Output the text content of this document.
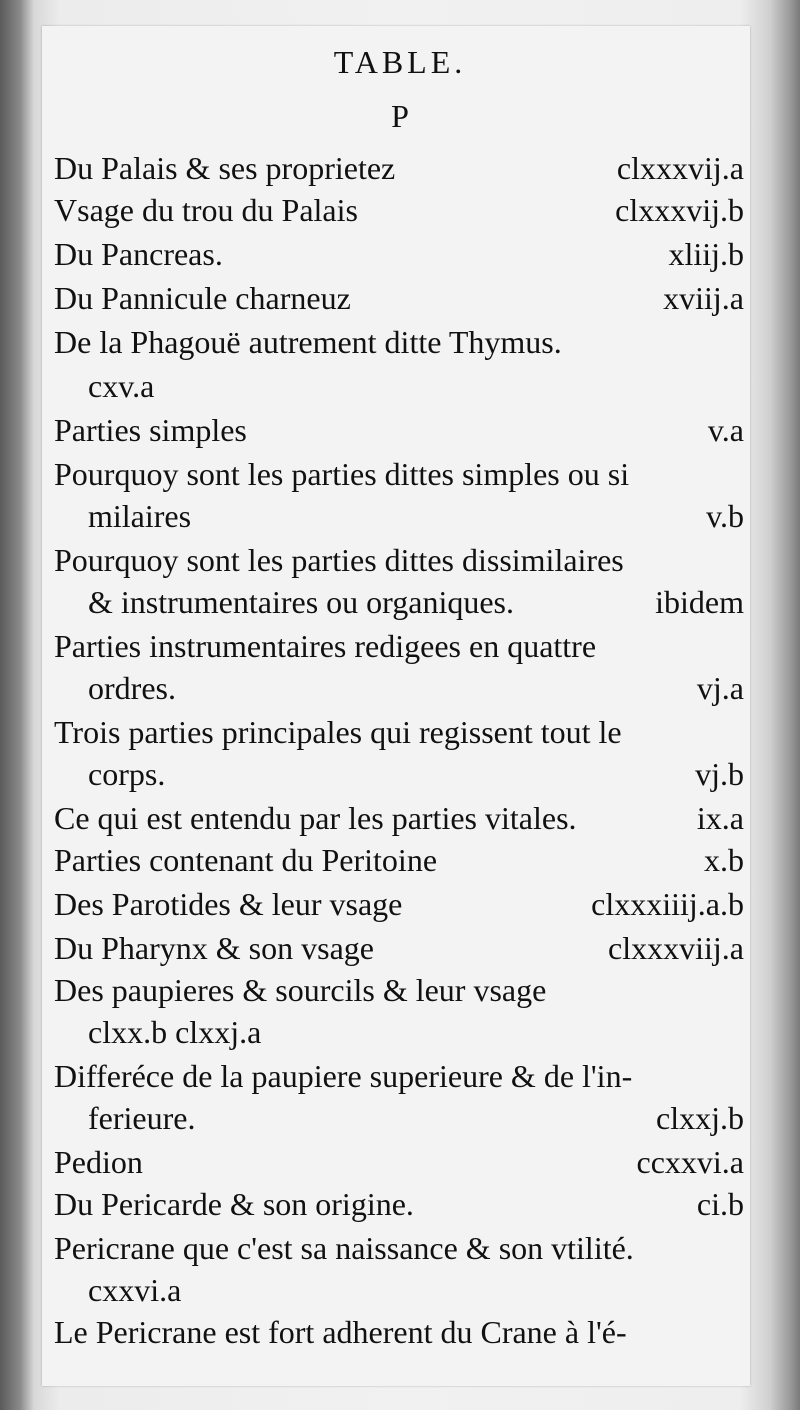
TABLE.
P
Du Palais & ses proprietez	clxxxvij.a
Vsage du trou du Palais	clxxxvij.b
Du Pancreas.	xliij.b
Du Pannicule charneuz	xviij.a
De la Phagouë autrement ditte Thymus.
cxv.a
Parties simples	v.a
Pourquoy sont les parties dittes simples ou si
milaires	v.b
Pourquoy sont les parties dittes dissimilaires
& instrumentaires ou organiques.	ibidem
Parties instrumentaires redigees en quattre
ordres.	vj.a
Trois parties principales qui regissent tout le
corps.	vj.b
Ce qui est entendu par les parties vitales.	ix.a
Parties contenant du Peritoine	x.b
Des Parotides & leur vsage	clxxxiiij.a.b
Du Pharynx & son vsage	clxxxviij.a
Des paupieres & sourcils & leur vsage
clxx.b clxxj.a
Differéce de la paupiere superieure & de l'in-
ferieure.	clxxj.b
Pedion	ccxxvi.a
Du Pericarde & son origine.	ci.b
Pericrane que c'est sa naissance & son vtilité.
cxxvi.a
Le Pericrane est fort adherent du Crane à l'é-
